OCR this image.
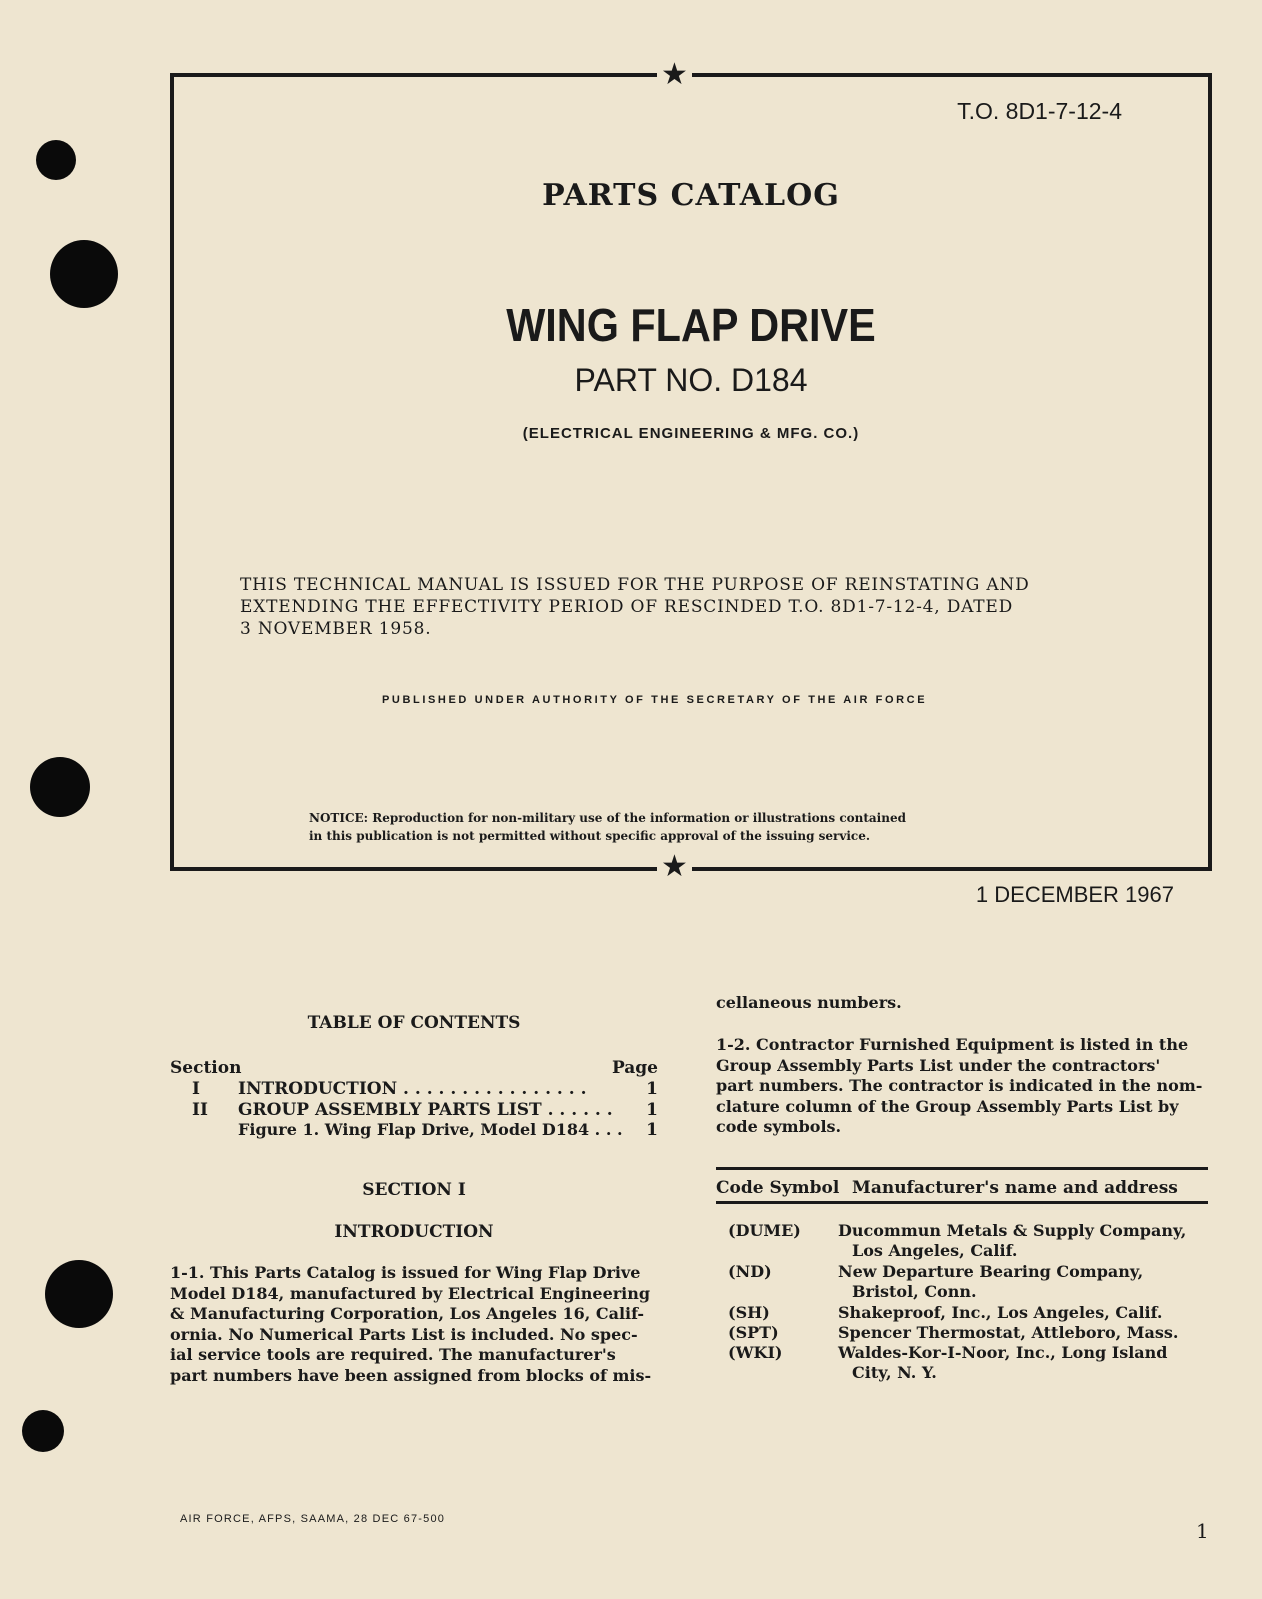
★
★
T.O. 8D1-7-12-4
PARTS CATALOG
WING FLAP DRIVE
PART NO. D184
(ELECTRICAL ENGINEERING & MFG. CO.)
THIS TECHNICAL MANUAL IS ISSUED FOR THE PURPOSE OF REINSTATING AND
EXTENDING THE EFFECTIVITY PERIOD OF RESCINDED T.O. 8D1-7-12-4, DATED
3 NOVEMBER 1958.
PUBLISHED UNDER AUTHORITY OF THE SECRETARY OF THE AIR FORCE
NOTICE: Reproduction for non-military use of the information or illustrations contained
in this publication is not permitted without specific approval of the issuing service.
1 DECEMBER 1967
TABLE OF CONTENTS
Section	Page
I INTRODUCTION . . . . . . . . . . . . . . . .	1
II GROUP ASSEMBLY PARTS LIST . . . . . . 1
Figure 1. Wing Flap Drive, Model D184 . . . 1
SECTION I
INTRODUCTION
1-1. This Parts Catalog is issued for Wing Flap Drive
Model D184, manufactured by Electrical Engineering
& Manufacturing Corporation, Los Angeles 16, Calif-
ornia. No Numerical Parts List is included. No spec-
ial service tools are required. The manufacturer's
part numbers have been assigned from blocks of mis-
cellaneous numbers.
1-2. Contractor Furnished Equipment is listed in the
Group Assembly Parts List under the contractors'
part numbers. The contractor is indicated in the nom-
clature column of the Group Assembly Parts List by
code symbols.
Code Symbol Manufacturer's name and address
(DUME) Ducommun Metals & Supply Company,
Los Angeles, Calif.
(ND)	New Departure Bearing Company,
Bristol, Conn.
(SH)	Shakeproof, Inc., Los Angeles, Calif.
(SPT)	Spencer Thermostat, Attleboro, Mass.
(WKI)	Waldes-Kor-I-Noor, Inc., Long Island
City, N. Y.
AIR FORCE, AFPS, SAAMA, 28 DEC 67-500	1
